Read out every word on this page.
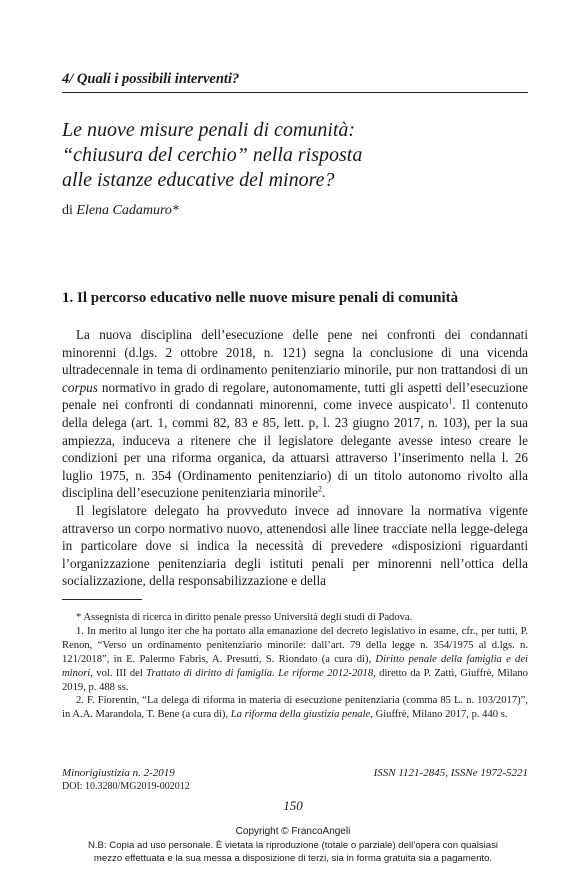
4/ Quali i possibili interventi?
Le nuove misure penali di comunità:
“chiusura del cerchio” nella risposta
alle istanze educative del minore?
di Elena Cadamuro*
1. Il percorso educativo nelle nuove misure penali di comunità

La nuova disciplina dell’esecuzione delle pene nei confronti dei condannati minorenni (d.lgs. 2 ottobre 2018, n. 121) segna la conclusione di una vicenda ultradecennale in tema di ordinamento penitenziario minorile, pur non trattandosi di un corpus normativo in grado di regolare, autonomamente, tutti gli aspetti dell’esecuzione penale nei confronti di condannati minorenni, come invece auspicato$^1$. Il contenuto della delega (art. 1, commi 82, 83 e 85, lett. p, l. 23 giugno 2017, n. 103), per la sua ampiezza, induceva a ritenere che il legislatore delegante avesse inteso creare le condizioni per una riforma organica, da attuarsi attraverso l’inserimento nella l. 26 luglio 1975, n. 354 (Ordinamento penitenziario) di un titolo autonomo rivolto alla disciplina dell’esecuzione penitenziaria minorile$^2$.

Il legislatore delegato ha provveduto invece ad innovare la normativa vigente attraverso un corpo normativo nuovo, attenendosi alle linee tracciate nella legge-delega in particolare dove si indica la necessità di prevedere «disposizioni riguardanti l’organizzazione penitenziaria degli istituti penali per minorenni nell’ottica della socializzazione, della responsabilizzazione e della

* Assegnista di ricerca in diritto penale presso Università degli studi di Padova.

1. In merito al lungo iter che ha portato alla emanazione del decreto legislativo in esame, cfr., per tutti, P. Renon, “Verso un ordinamento penitenziario minorile: dall’art. 79 della legge n. 354/1975 al d.lgs. n. 121/2018”, in E. Palermo Fabris, A. Presutti, S. Riondato (a cura di), Diritto penale della famiglia e dei minori, vol. III del Trattato di diritto di famiglia. Le riforme 2012-2018, diretto da P. Zatti, Giuffrè, Milano 2019, p. 488 ss.

2. F. Fiorentin, “La delega di riforma in materia di esecuzione penitenziaria (comma 85 L. n. 103/2017)”, in A.A. Marandola, T. Bene (a cura di), La riforma della giustizia penale, Giuffrè, Milano 2017, p. 440 s.

Minorigiustizia n. 2-2019	ISSN 1121-2845, ISSNe 1972-5221
DOI: 10.3280/MG2019-002012
150
Copyright © FrancoAngeli
N.B: Copia ad uso personale. È vietata la riproduzione (totale o parziale) dell’opera con qualsiasi
mezzo effettuata e la sua messa a disposizione di terzi, sia in forma gratuita sia a pagamento.
